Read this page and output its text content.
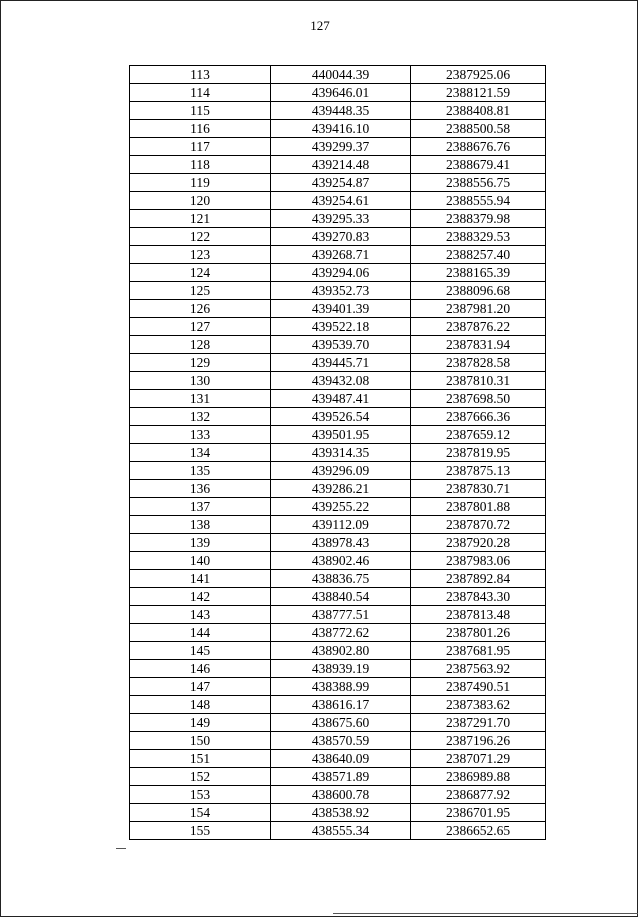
127
113	440044.39	2387925.06
114	439646.01	2388121.59
115	439448.35	2388408.81
116	439416.10	2388500.58
117	439299.37	2388676.76
118	439214.48	2388679.41
119	439254.87	2388556.75
120	439254.61	2388555.94
121	439295.33	2388379.98
122	439270.83	2388329.53
123	439268.71	2388257.40
124	439294.06	2388165.39
125	439352.73	2388096.68
126	439401.39	2387981.20
127	439522.18	2387876.22
128	439539.70	2387831.94
129	439445.71	2387828.58
130	439432.08	2387810.31
131	439487.41	2387698.50
132	439526.54	2387666.36
133	439501.95	2387659.12
134	439314.35	2387819.95
135	439296.09	2387875.13
136	439286.21	2387830.71
137	439255.22	2387801.88
138	439112.09	2387870.72
139	438978.43	2387920.28
140	438902.46	2387983.06
141	438836.75	2387892.84
142	438840.54	2387843.30
143	438777.51	2387813.48
144	438772.62	2387801.26
145	438902.80	2387681.95
146	438939.19	2387563.92
147	438388.99	2387490.51
148	438616.17	2387383.62
149	438675.60	2387291.70
150	438570.59	2387196.26
151	438640.09	2387071.29
152	438571.89	2386989.88
153	438600.78	2386877.92
154	438538.92	2386701.95
155	438555.34	2386652.65
